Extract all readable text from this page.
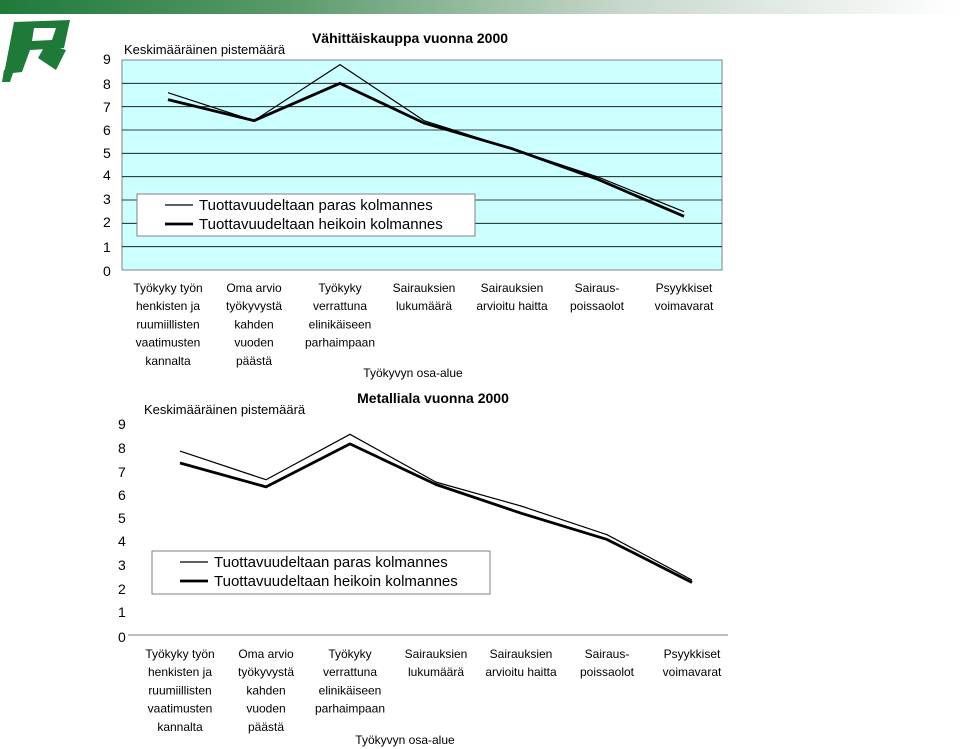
0
1
2
3
4
5
6
7
8
9
Keskimääräinen pistemäärä
Vähittäiskauppa vuonna 2000
Työkyky työn
henkisten ja
ruumiillisten
vaatimusten
kannalta
Oma arvio
työkyvystä
kahden
vuoden
päästä
Työkyky
verrattuna
elinikäiseen
parhaimpaan
Sairauksien
lukumäärä
Sairauksien
arvioitu haitta
Sairaus-
poissaolot
Psyykkiset
voimavarat
Työkyvyn osa-alue
Tuottavuudeltaan paras kolmannes
Tuottavuudeltaan heikoin kolmannes
0
1
2
3
4
5
6
7
8
9
Keskimääräinen pistemäärä
Metalliala vuonna 2000
Työkyky työn
henkisten ja
ruumiillisten
vaatimusten
kannalta
Oma arvio
työkyvystä
kahden
vuoden
päästä
Työkyky
verrattuna
elinikäiseen
parhaimpaan
Sairauksien
lukumäärä
Sairauksien
arvioitu haitta
Sairaus-
poissaolot
Psyykkiset
voimavarat
Työkyvyn osa-alue
Tuottavuudeltaan paras kolmannes
Tuottavuudeltaan heikoin kolmannes
